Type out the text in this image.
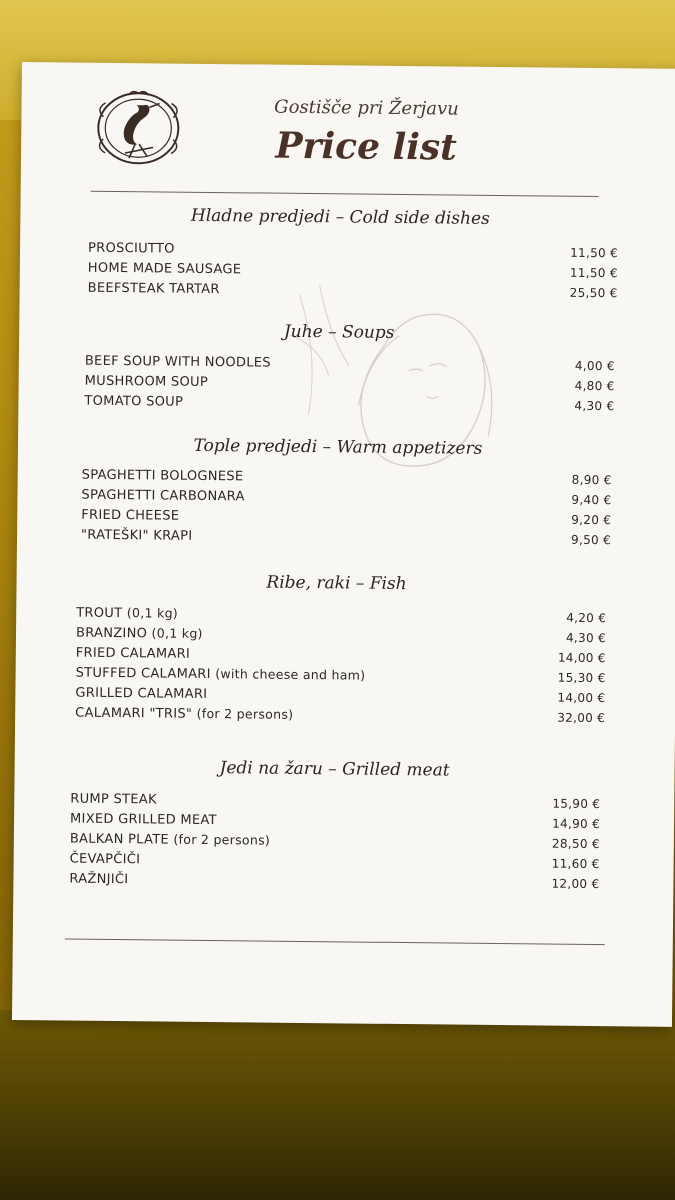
Gostišče pri Žerjavu
Price list
Hladne predjedi – Cold side dishes
PROSCIUTTO	11,50 €
HOME MADE SAUSAGE	11,50 €
BEEFSTEAK TARTAR	25,50 €
Juhe – Soups
BEEF SOUP WITH NOODLES	4,00 €
MUSHROOM SOUP	4,80 €
TOMATO SOUP	4,30 €
Tople predjedi – Warm appetizers
SPAGHETTI BOLOGNESE	8,90 €
SPAGHETTI CARBONARA	9,40 €
FRIED CHEESE	9,20 €
"RATEŠKI" KRAPI	9,50 €
Ribe, raki – Fish
TROUT (0,1 kg)	4,20 €
BRANZINO (0,1 kg)	4,30 €
FRIED CALAMARI	14,00 €
STUFFED CALAMARI (with cheese and ham)	15,30 €
GRILLED CALAMARI	14,00 €
CALAMARI "TRIS" (for 2 persons)	32,00 €
Jedi na žaru – Grilled meat
RUMP STEAK	15,90 €
MIXED GRILLED MEAT	14,90 €
BALKAN PLATE (for 2 persons)	28,50 €
ČEVAPČIČI	11,60 €
RAŽNJIČI	12,00 €
